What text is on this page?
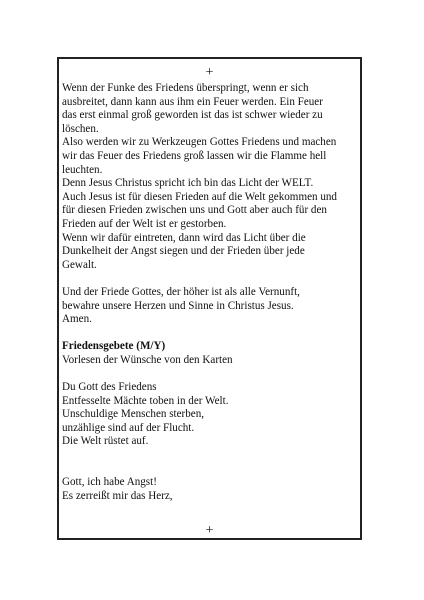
+
Wenn der Funke des Friedens überspringt, wenn er sich
ausbreitet, dann kann aus ihm ein Feuer werden. Ein Feuer
das erst einmal groß geworden ist das ist schwer wieder zu
löschen.
Also werden wir zu Werkzeugen Gottes Friedens und machen
wir das Feuer des Friedens groß lassen wir die Flamme hell
leuchten.
Denn Jesus Christus spricht ich bin das Licht der WELT.
Auch Jesus ist für diesen Frieden auf die Welt gekommen und
für diesen Frieden zwischen uns und Gott aber auch für den
Frieden auf der Welt ist er gestorben.
Wenn wir dafür eintreten, dann wird das Licht über die
Dunkelheit der Angst siegen und der Frieden über jede
Gewalt.
Und der Friede Gottes, der höher ist als alle Vernunft,
bewahre unsere Herzen und Sinne in Christus Jesus.
Amen.
Friedensgebete (M/Y)
Vorlesen der Wünsche von den Karten
Du Gott des Friedens
Entfesselte Mächte toben in der Welt.
Unschuldige Menschen sterben,
unzählige sind auf der Flucht.
Die Welt rüstet auf.
Gott, ich habe Angst!
Es zerreißt mir das Herz,
+
